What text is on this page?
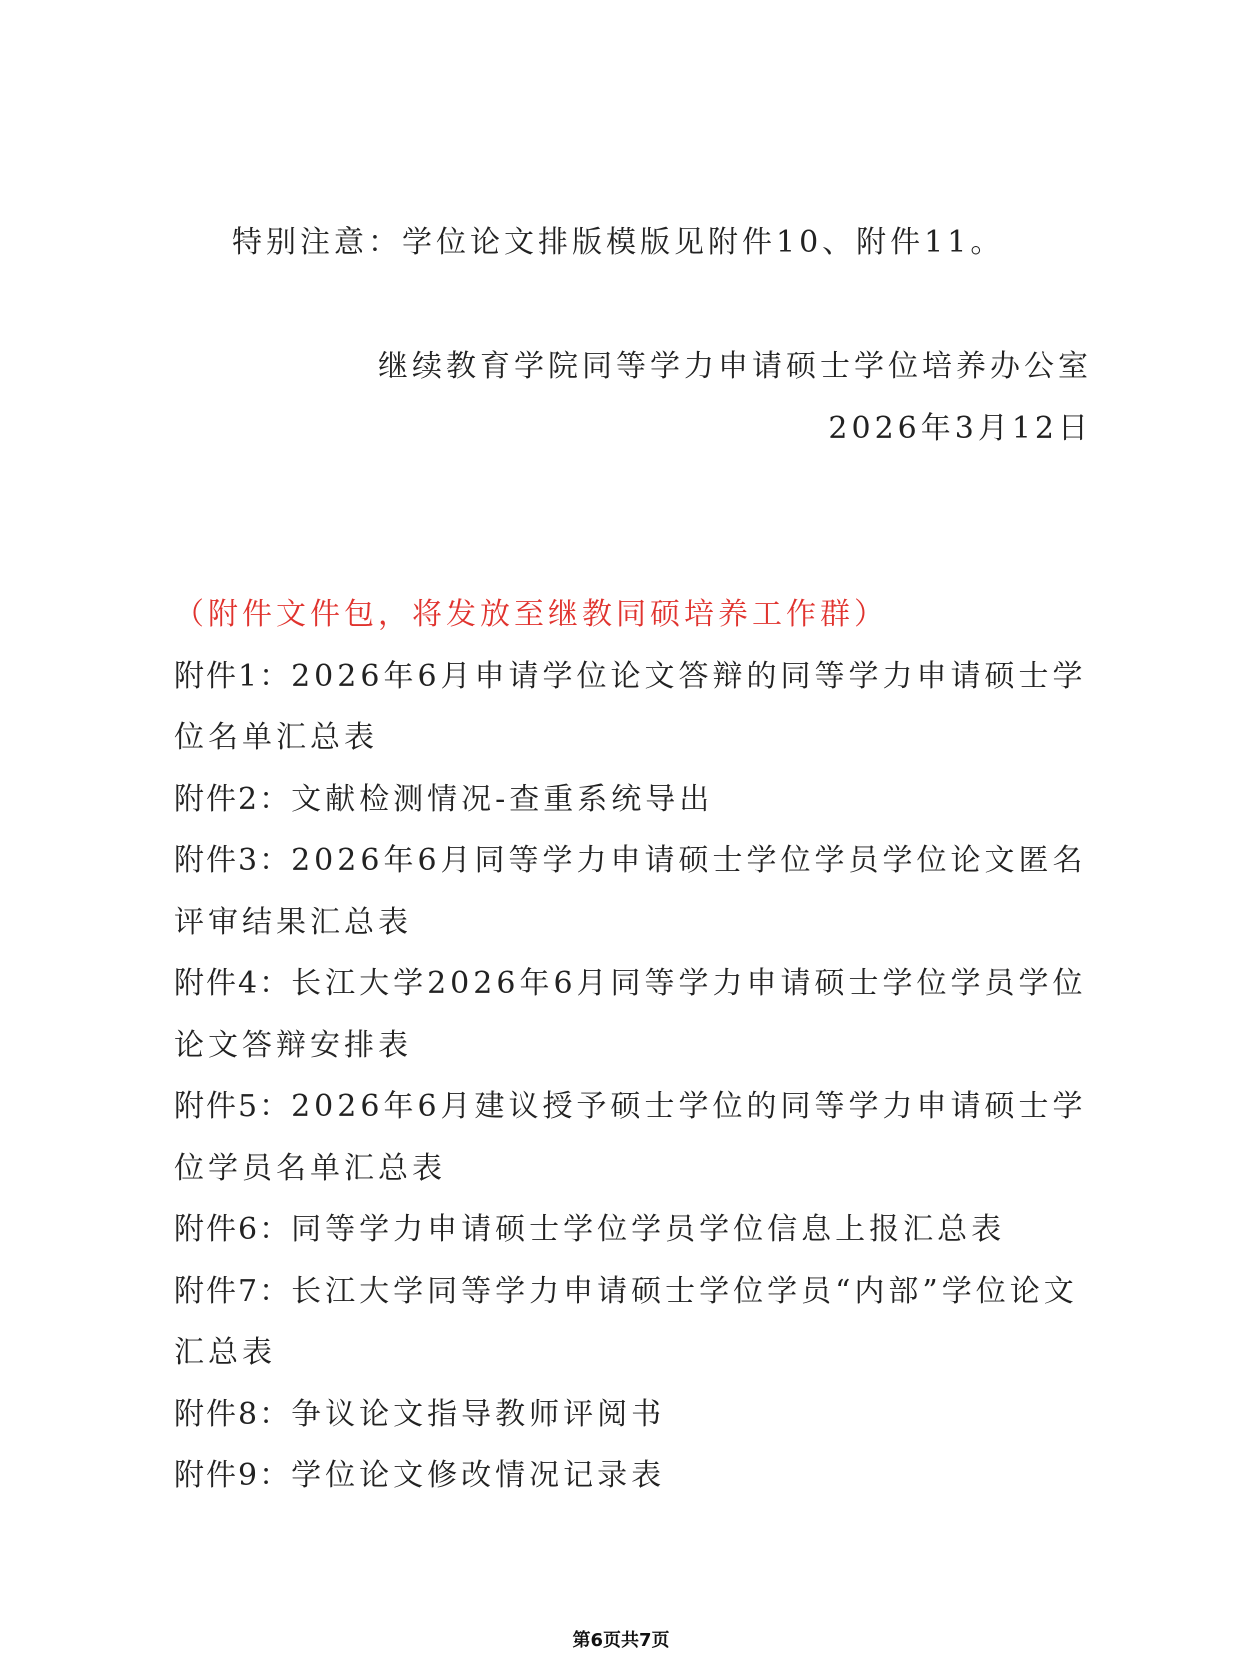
特别注意：学位论文排版模版见附件10、附件11。

继续教育学院同等学力申请硕士学位培养办公室
2026年3月12日
（附件文件包，将发放至继教同硕培养工作群）

附件1：2026年6月申请学位论文答辩的同等学力申请硕士学位名单汇总表

附件2：文献检测情况-查重系统导出

附件3：2026年6月同等学力申请硕士学位学员学位论文匿名评审结果汇总表

附件4：长江大学2026年6月同等学力申请硕士学位学员学位论文答辩安排表

附件5：2026年6月建议授予硕士学位的同等学力申请硕士学位学员名单汇总表

附件6：同等学力申请硕士学位学员学位信息上报汇总表

附件7：长江大学同等学力申请硕士学位学员“内部”学位论文汇总表

附件8：争议论文指导教师评阅书

附件9：学位论文修改情况记录表

第6页共7页
